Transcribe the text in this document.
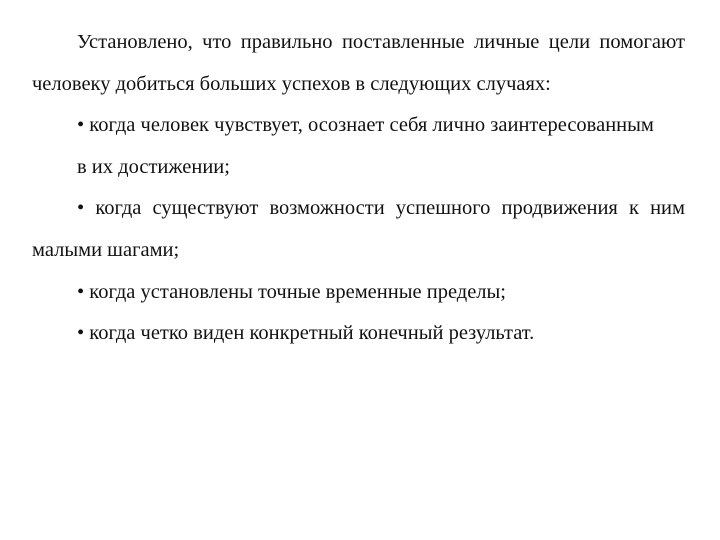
Установлено, что правильно поставленные личные цели помогают человеку добиться больших успехов в следующих случаях:

• когда человек чувствует, осознает себя лично заинтересованным

в их достижении;

• когда существуют возможности успешного продвижения к ним малыми шагами;

• когда установлены точные временные пределы;

• когда четко виден конкретный конечный результат.
